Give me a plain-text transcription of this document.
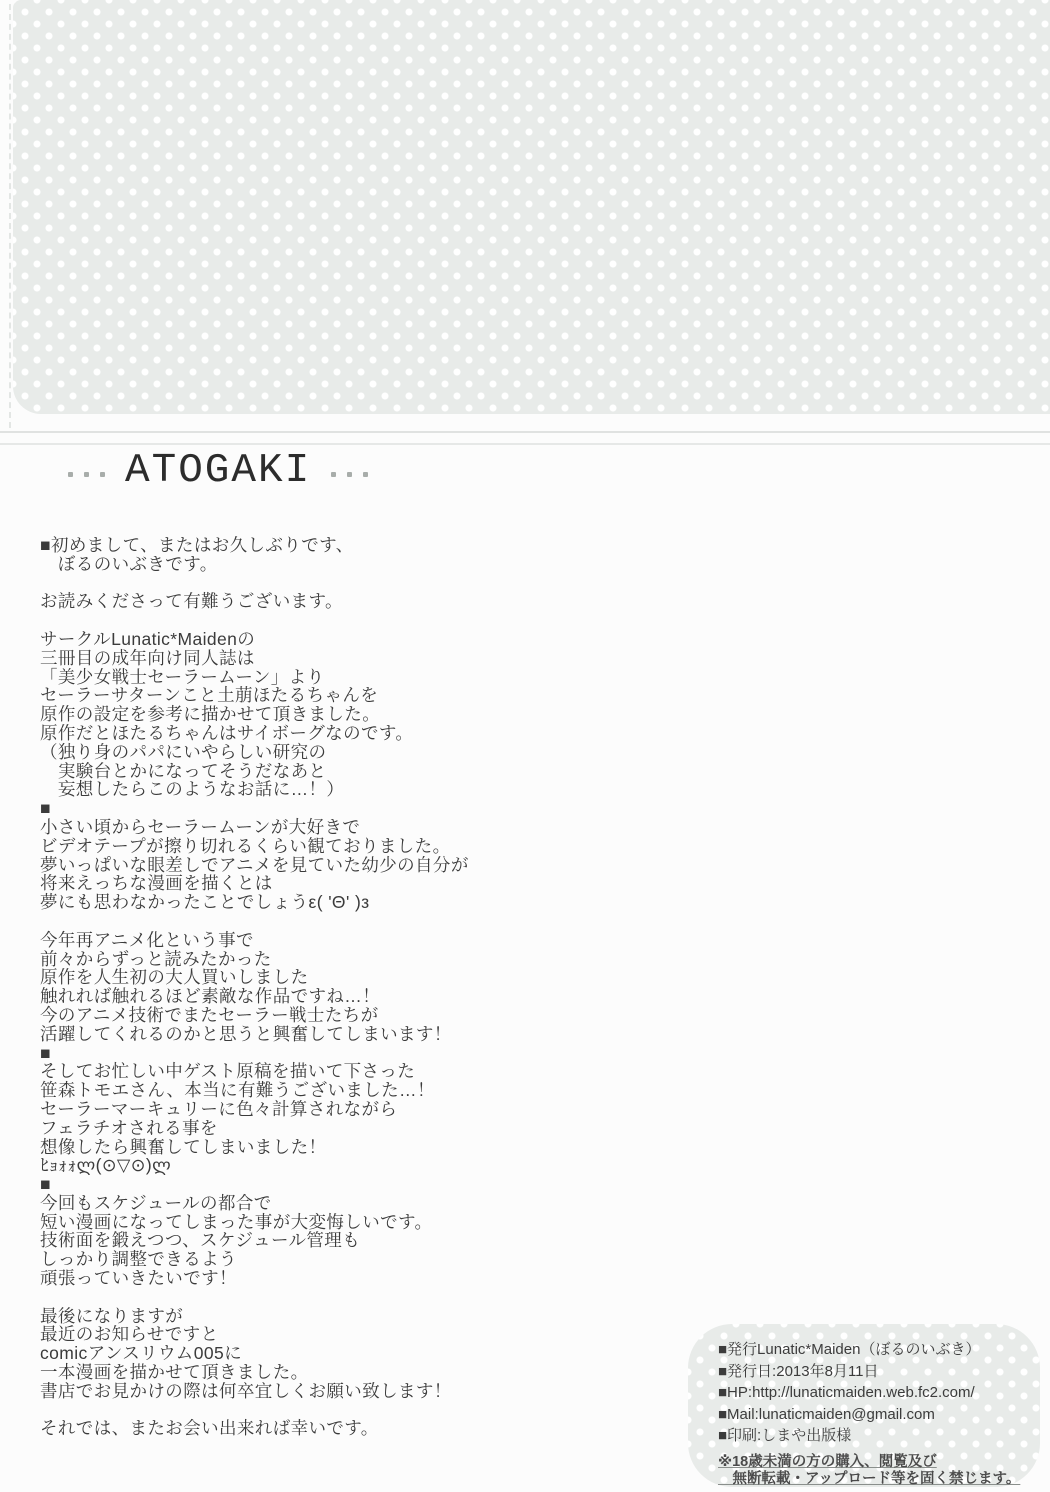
ATOGAKI
■初めまして、またはお久しぶりです、
　ぼるのいぶきです。

お読みくださって有難うございます。

サークルLunatic*Maidenの
三冊目の成年向け同人誌は
「美少女戦士セーラームーン」より
セーラーサターンこと土萠ほたるちゃんを
原作の設定を参考に描かせて頂きました。
原作だとほたるちゃんはサイボーグなのです。
（独り身のパパにいやらしい研究の
　実験台とかになってそうだなあと
　妄想したらこのようなお話に…！）
■
小さい頃からセーラームーンが大好きで
ビデオテープが擦り切れるくらい観ておりました。
夢いっぱいな眼差しでアニメを見ていた幼少の自分が
将来えっちな漫画を描くとは
夢にも思わなかったことでしょうε( 'Θ' )з

今年再アニメ化という事で
前々からずっと読みたかった
原作を人生初の大人買いしました
触れれば触れるほど素敵な作品ですね…！
今のアニメ技術でまたセーラー戦士たちが
活躍してくれるのかと思うと興奮してしまいます！
■
そしてお忙しい中ゲスト原稿を描いて下さった
笹森トモエさん、本当に有難うございました…！
セーラーマーキュリーに色々計算されながら
フェラチオされる事を
想像したら興奮してしまいました！
ﾋｮｫｫლ(⊙▽⊙)ლ
■
今回もスケジュールの都合で
短い漫画になってしまった事が大変悔しいです。
技術面を鍛えつつ、スケジュール管理も
しっかり調整できるよう
頑張っていきたいです！

最後になりますが
最近のお知らせですと
comicアンスリウム005に
一本漫画を描かせて頂きました。
書店でお見かけの際は何卒宜しくお願い致します！

それでは、またお会い出来れば幸いです。
■発行Lunatic*Maiden（ぼるのいぶき）
■発行日:2013年8月11日
■HP:http://lunaticmaiden.web.fc2.com/
■Mail:lunaticmaiden@gmail.com
■印刷:しまや出版様
※18歳未満の方の購入、閲覧及び
　無断転載・アップロード等を固く禁じます。
